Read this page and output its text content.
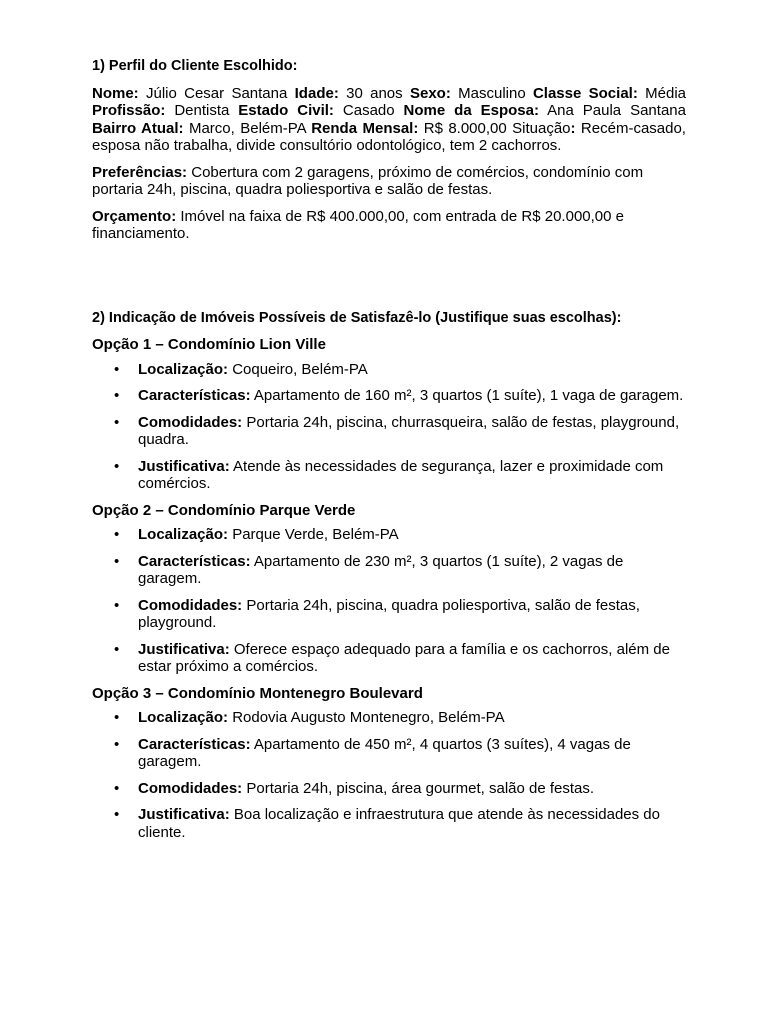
1) Perfil do Cliente Escolhido:

Nome: Júlio Cesar Santana Idade: 30 anos Sexo: Masculino Classe Social: Média Profissão: Dentista Estado Civil: Casado Nome da Esposa: Ana Paula Santana Bairro Atual: Marco, Belém-PA Renda Mensal: R$ 8.000,00 Situação: Recém-casado, esposa não trabalha, divide consultório odontológico, tem 2 cachorros.

Preferências: Cobertura com 2 garagens, próximo de comércios, condomínio com portaria 24h, piscina, quadra poliesportiva e salão de festas.

Orçamento: Imóvel na faixa de R$ 400.000,00, com entrada de R$ 20.000,00 e financiamento.

2) Indicação de Imóveis Possíveis de Satisfazê-lo (Justifique suas escolhas):
Opção 1 – Condomínio Lion Ville
• Localização: Coqueiro, Belém-PA
• Características: Apartamento de 160 m², 3 quartos (1 suíte), 1 vaga de garagem.
• Comodidades: Portaria 24h, piscina, churrasqueira, salão de festas, playground, quadra.
• Justificativa: Atende às necessidades de segurança, lazer e proximidade com comércios.
Opção 2 – Condomínio Parque Verde
• Localização: Parque Verde, Belém-PA
• Características: Apartamento de 230 m², 3 quartos (1 suíte), 2 vagas de garagem.
• Comodidades: Portaria 24h, piscina, quadra poliesportiva, salão de festas, playground.
• Justificativa: Oferece espaço adequado para a família e os cachorros, além de estar próximo a comércios.
Opção 3 – Condomínio Montenegro Boulevard
• Localização: Rodovia Augusto Montenegro, Belém-PA
• Características: Apartamento de 450 m², 4 quartos (3 suítes), 4 vagas de garagem.
• Comodidades: Portaria 24h, piscina, área gourmet, salão de festas.
• Justificativa: Boa localização e infraestrutura que atende às necessidades do cliente.
